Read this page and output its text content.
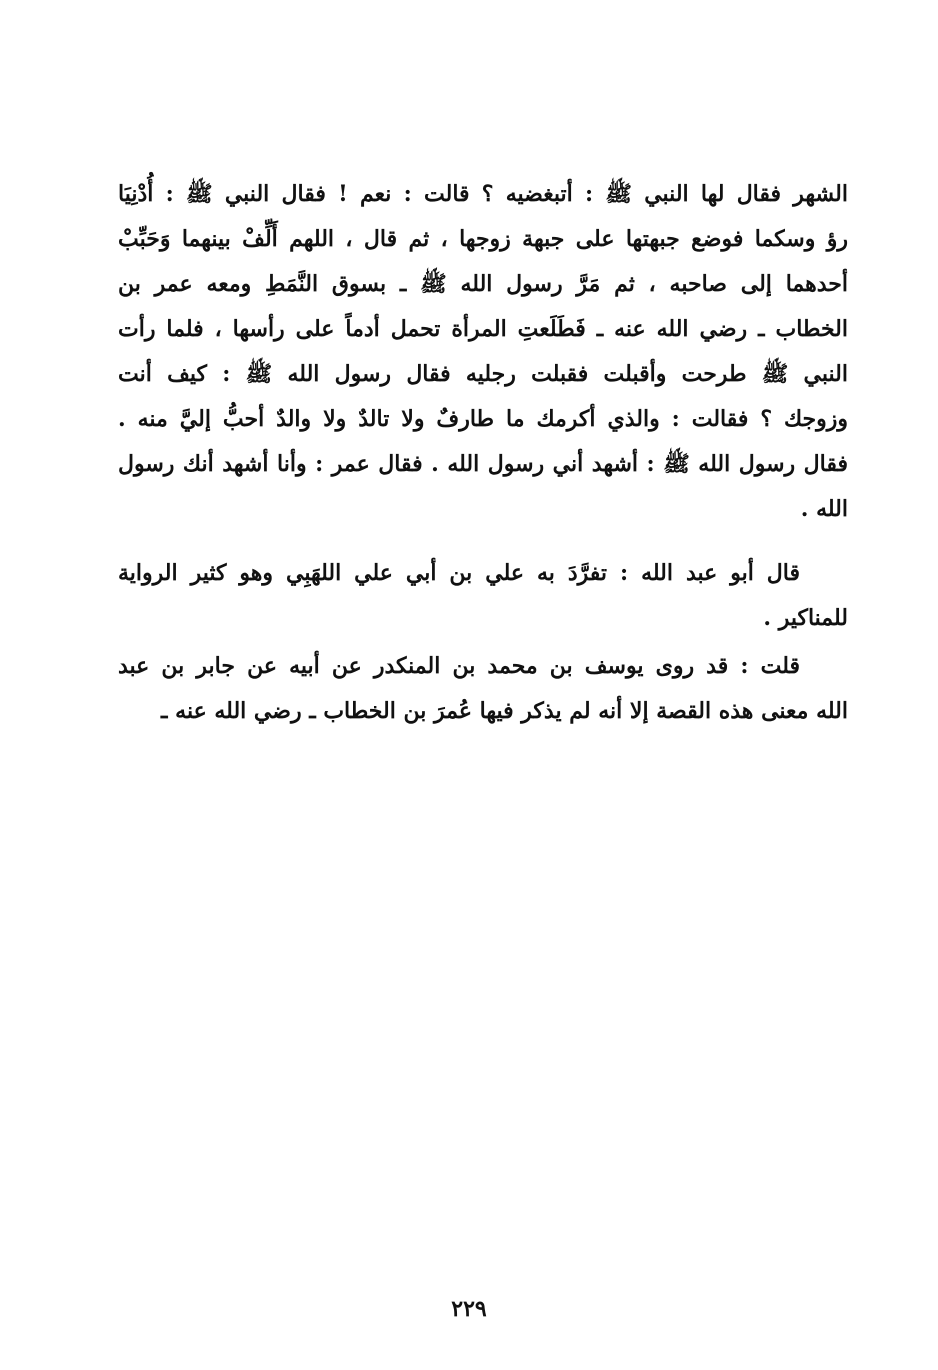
الشهر فقال لها النبي ﷺ : أتبغضيه ؟ قالت : نعم ! فقال النبي ﷺ : أُدْنِيَا
رؤ وسكما فوضع جبهتها على جبهة زوجها ، ثم قال ، اللهم أَلِّفْ بينهما وَحَبِّبْ
أحدهما إلى صاحبه ، ثم مَرَّ رسول الله ﷺ ـ بسوق النَّمَطِ ومعه عمر بن
الخطاب ـ رضي الله عنه ـ فَطَلَعتِ المرأة تحمل أدماً على رأسها ، فلما رأت
النبي ﷺ طرحت وأقبلت فقبلت رجليه فقال رسول الله ﷺ : كيف أنت
وزوجك ؟ فقالت : والذي أكرمك ما طارفٌ ولا تالدٌ ولا والدٌ أحبُّ إليَّ منه .
فقال رسول الله ﷺ : أشهد أني رسول الله . فقال عمر : وأنا أشهد أنك رسول
الله .
قال أبو عبد الله : تفرَّدَ به علي بن أبي علي اللهَبِي وهو كثير الرواية
للمناكير .
قلت : قد روى يوسف بن محمد بن المنكدر عن أبيه عن جابر بن عبد
الله معنى هذه القصة إلا أنه لم يذكر فيها عُمرَ بن الخطاب ـ رضي الله عنه ـ
٢٢٩
